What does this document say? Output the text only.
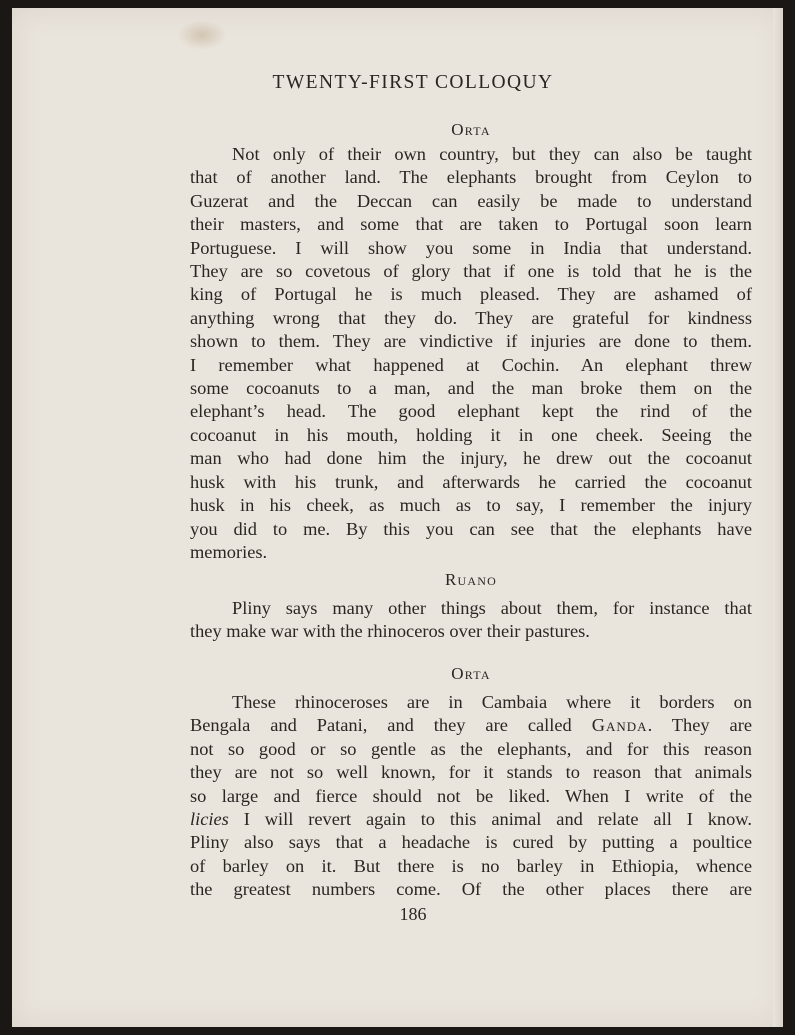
TWENTY-FIRST COLLOQUY

Orta

Not only of their own country, but they can also be taught
that of another land. The elephants brought from Ceylon to
Guzerat and the Deccan can easily be made to understand
their masters, and some that are taken to Portugal soon learn
Portuguese. I will show you some in India that understand.
They are so covetous of glory that if one is told that he is the
king of Portugal he is much pleased. They are ashamed of
anything wrong that they do. They are grateful for kindness
shown to them. They are vindictive if injuries are done to them.
I remember what happened at Cochin. An elephant threw
some cocoanuts to a man, and the man broke them on the
elephant’s head. The good elephant kept the rind of the
cocoanut in his mouth, holding it in one cheek. Seeing the
man who had done him the injury, he drew out the cocoanut
husk with his trunk, and afterwards he carried the cocoanut
husk in his cheek, as much as to say, I remember the injury
you did to me. By this you can see that the elephants have
memories.

Ruano

Pliny says many other things about them, for instance that
they make war with the rhinoceros over their pastures.

Orta

These rhinoceroses are in Cambaia where it borders on
Bengala and Patani, and they are called Ganda. They are
not so good or so gentle as the elephants, and for this reason
they are not so well known, for it stands to reason that animals
so large and fierce should not be liked. When I write of the
licies I will revert again to this animal and relate all I know.
Pliny also says that a headache is cured by putting a poultice
of barley on it. But there is no barley in Ethiopia, whence
the greatest numbers come. Of the other places there are

186
